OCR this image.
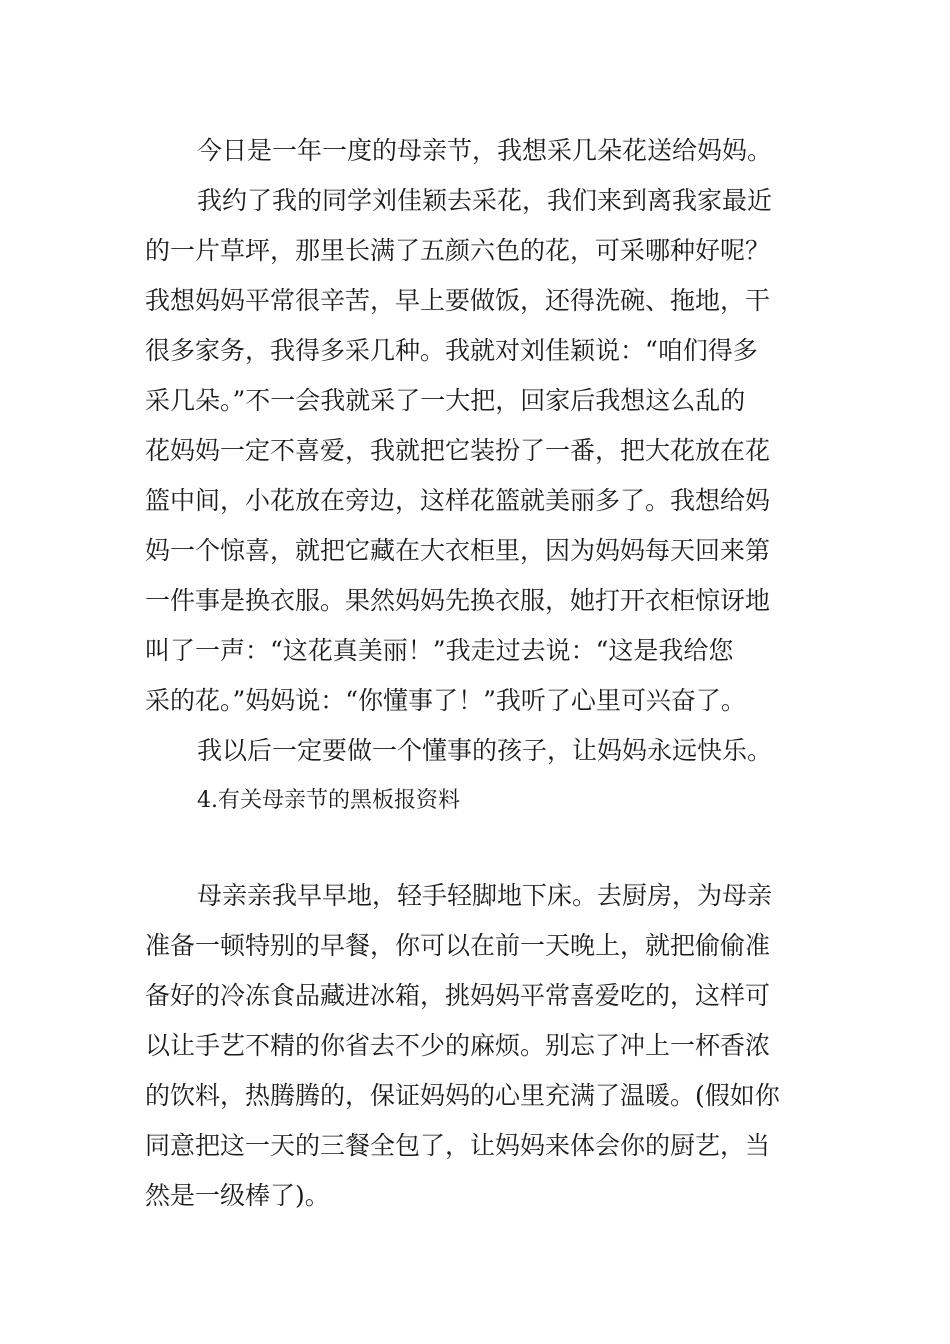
今日是一年一度的母亲节，我想采几朵花送给妈妈。
我约了我的同学刘佳颖去采花，我们来到离我家最近
的一片草坪，那里长满了五颜六色的花，可采哪种好呢？
我想妈妈平常很辛苦，早上要做饭，还得洗碗、拖地，干
很多家务，我得多采几种。我就对刘佳颖说：“咱们得多
采几朵。”不一会我就采了一大把，回家后我想这么乱的
花妈妈一定不喜爱，我就把它装扮了一番，把大花放在花
篮中间，小花放在旁边，这样花篮就美丽多了。我想给妈
妈一个惊喜，就把它藏在大衣柜里，因为妈妈每天回来第
一件事是换衣服。果然妈妈先换衣服，她打开衣柜惊讶地
叫了一声：“这花真美丽！”我走过去说：“这是我给您
采的花。”妈妈说：“你懂事了！”我听了心里可兴奋了。
我以后一定要做一个懂事的孩子，让妈妈永远快乐。
4.有关母亲节的黑板报资料
母亲亲我早早地，轻手轻脚地下床。去厨房，为母亲
准备一顿特别的早餐，你可以在前一天晚上，就把偷偷准
备好的冷冻食品藏进冰箱，挑妈妈平常喜爱吃的，这样可
以让手艺不精的你省去不少的麻烦。别忘了冲上一杯香浓
的饮料，热腾腾的，保证妈妈的心里充满了温暖。(假如你
同意把这一天的三餐全包了，让妈妈来体会你的厨艺，当
然是一级棒了)。
